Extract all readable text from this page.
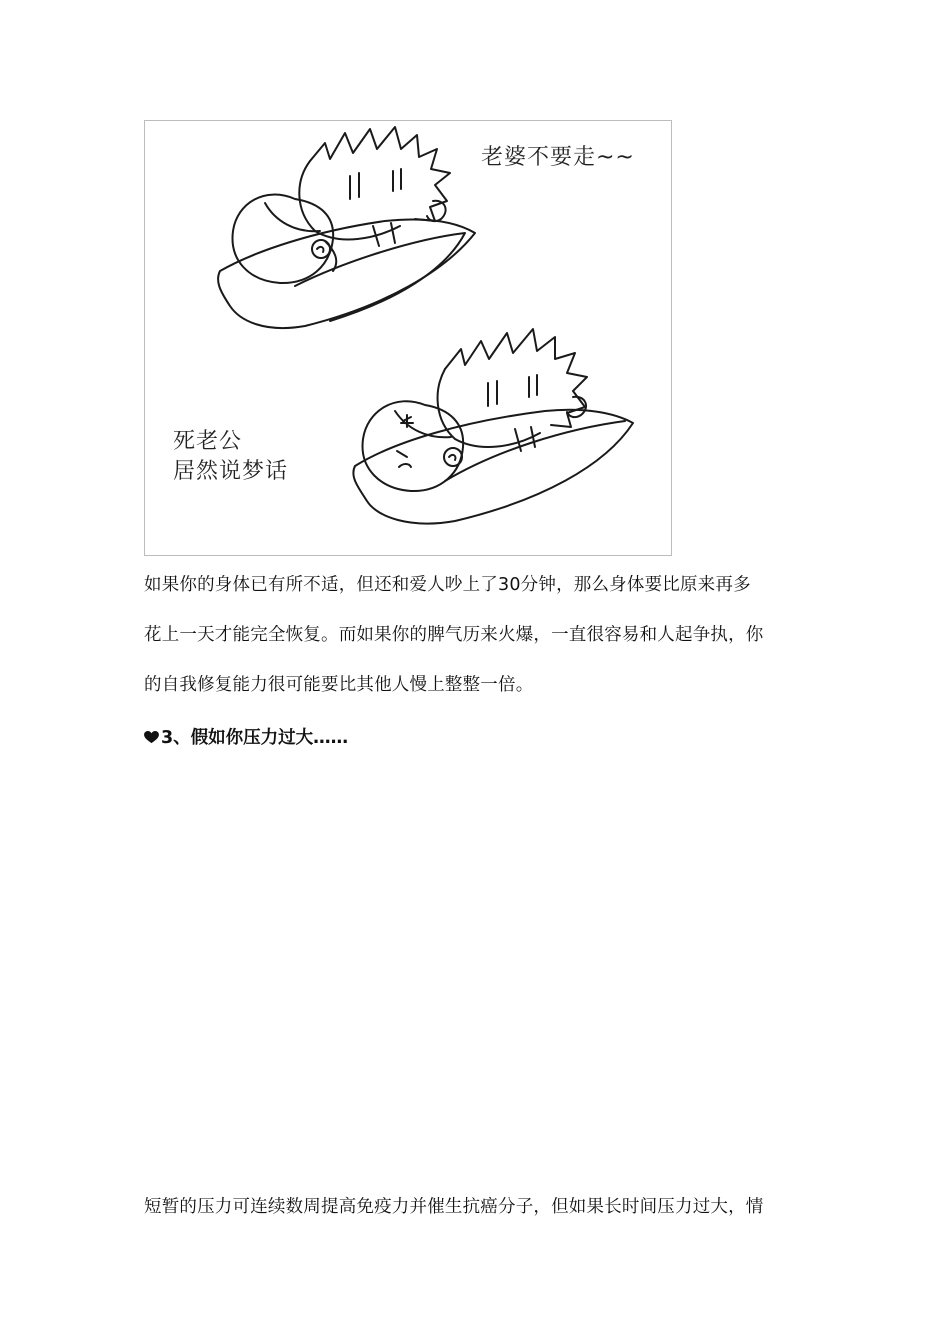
老婆不要走~~
死老公
居然说梦话

如果你的身体已有所不适，但还和爱人吵上了30分钟，那么身体要比原来再多
花上一天才能完全恢复。而如果你的脾气历来火爆，一直很容易和人起争执，你
的自我修复能力很可能要比其他人慢上整整一倍。

3、假如你压力过大……

短暂的压力可连续数周提高免疫力并催生抗癌分子，但如果长时间压力过大，情
